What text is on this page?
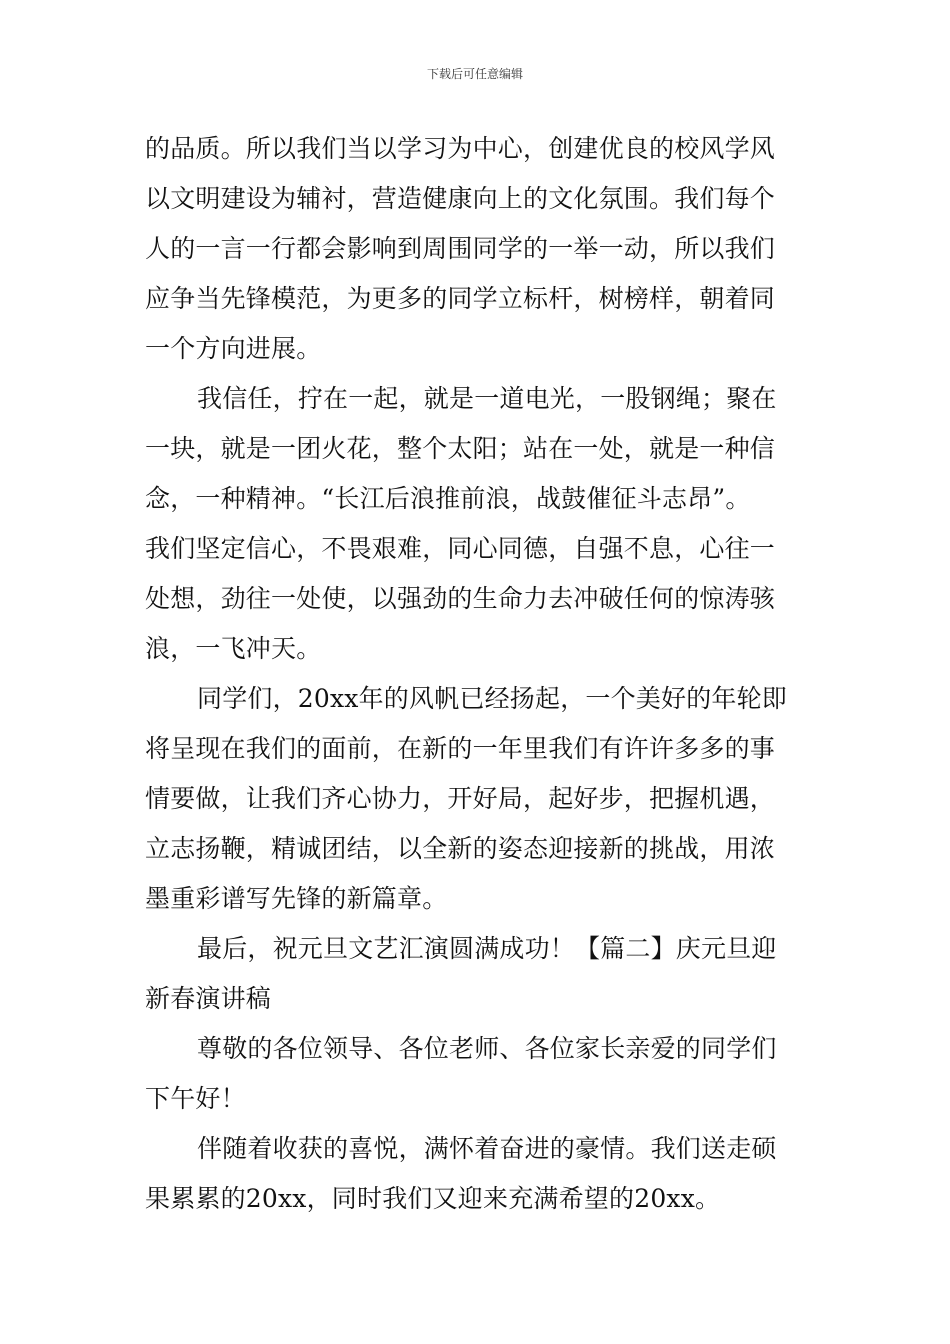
下载后可任意编辑
的品质。所以我们当以学习为中心，创建优良的校风学风
以文明建设为辅衬，营造健康向上的文化氛围。我们每个
人的一言一行都会影响到周围同学的一举一动，所以我们
应争当先锋模范，为更多的同学立标杆，树榜样，朝着同
一个方向进展。
我信任，拧在一起，就是一道电光，一股钢绳；聚在
一块，就是一团火花，整个太阳；站在一处，就是一种信
念，一种精神。“长江后浪推前浪，战鼓催征斗志昂”。
我们坚定信心，不畏艰难，同心同德，自强不息，心往一
处想，劲往一处使，以强劲的生命力去冲破任何的惊涛骇
浪，一飞冲天。
同学们，20xx年的风帆已经扬起，一个美好的年轮即
将呈现在我们的面前，在新的一年里我们有许许多多的事
情要做，让我们齐心协力，开好局，起好步，把握机遇，
立志扬鞭，精诚团结，以全新的姿态迎接新的挑战，用浓
墨重彩谱写先锋的新篇章。
最后，祝元旦文艺汇演圆满成功！【篇二】庆元旦迎
新春演讲稿
尊敬的各位领导、各位老师、各位家长亲爱的同学们
下午好！
伴随着收获的喜悦，满怀着奋进的豪情。我们送走硕
果累累的20xx，同时我们又迎来充满希望的20xx。
